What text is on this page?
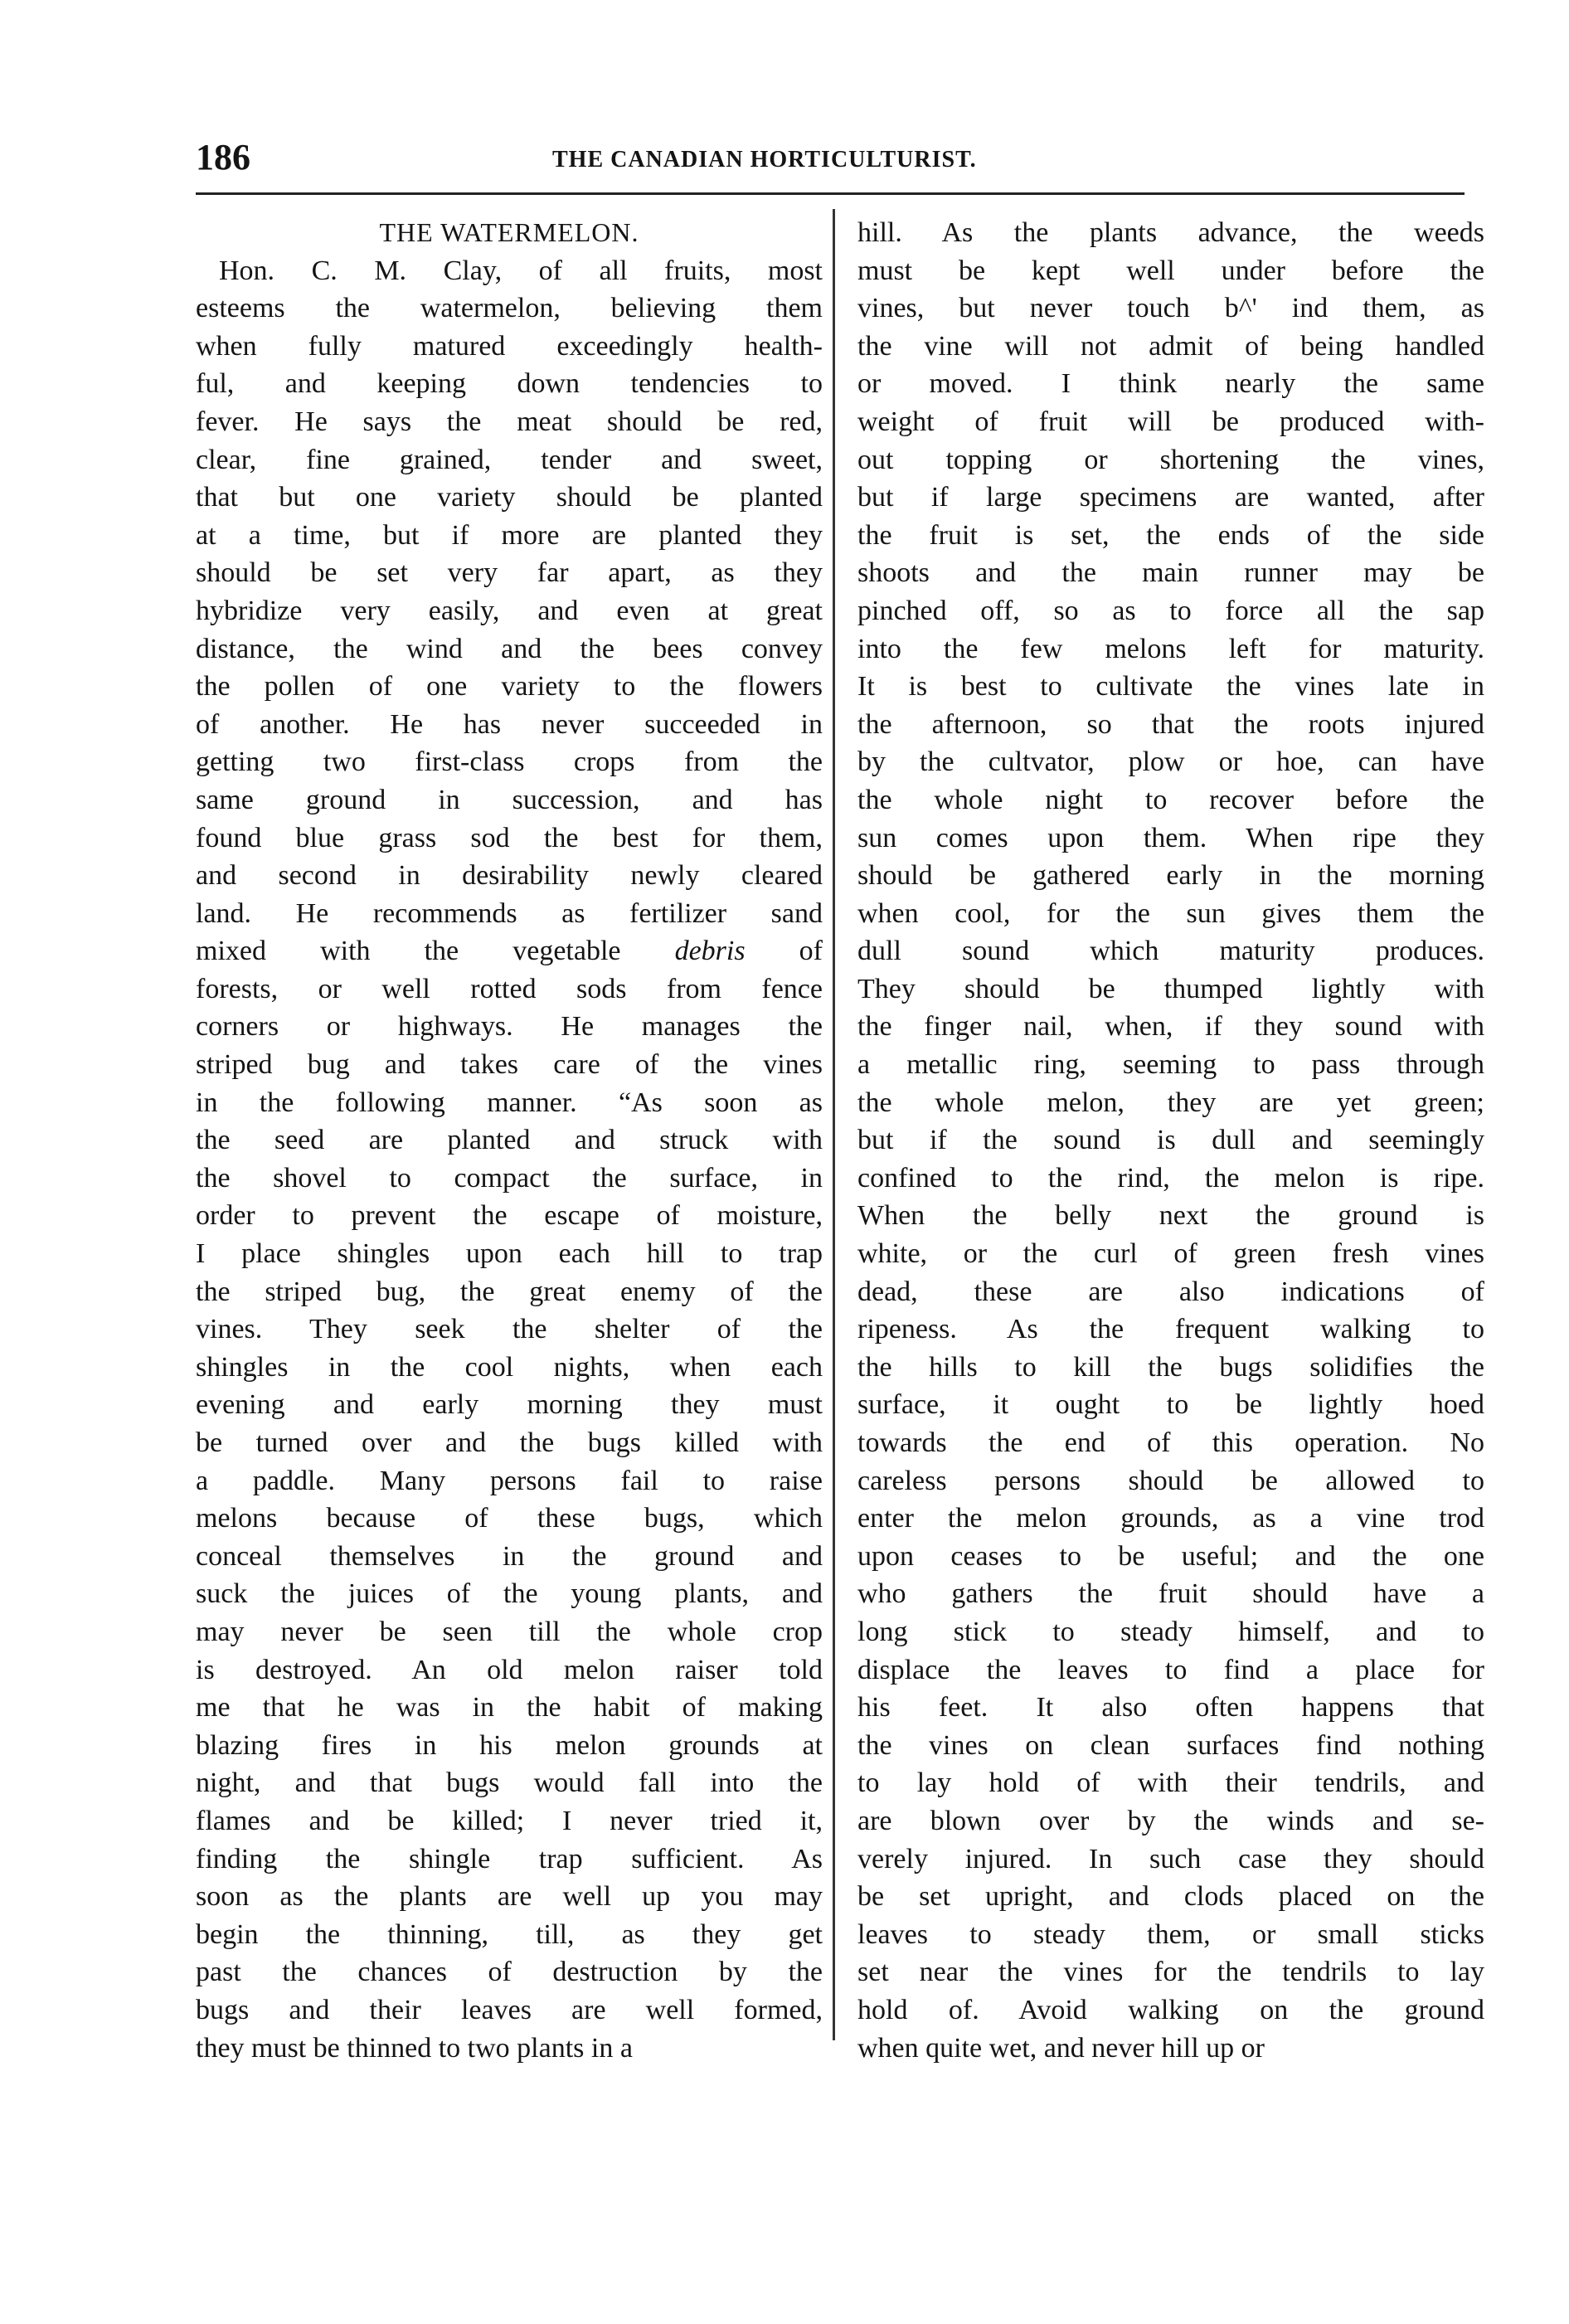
186	THE CANADIAN HORTICULTURIST.
THE WATERMELON.
Hon. C. M. Clay, of all fruits, most
esteems the watermelon, believing them
when fully matured exceedingly health-
ful, and keeping down tendencies to
fever. He says the meat should be red,
clear, fine grained, tender and sweet,
that but one variety should be planted
at a time, but if more are planted they
should be set very far apart, as they
hybridize very easily, and even at great
distance, the wind and the bees convey
the pollen of one variety to the flowers
of another. He has never succeeded in
getting two first-class crops from the
same ground in succession, and has
found blue grass sod the best for them,
and second in desirability newly cleared
land. He recommends as fertilizer sand
mixed with the vegetable debris of
forests, or well rotted sods from fence
corners or highways. He manages the
striped bug and takes care of the vines
in the following manner. “As soon as
the seed are planted and struck with
the shovel to compact the surface, in
order to prevent the escape of moisture,
I place shingles upon each hill to trap
the striped bug, the great enemy of the
vines. They seek the shelter of the
shingles in the cool nights, when each
evening and early morning they must
be turned over and the bugs killed with
a paddle. Many persons fail to raise
melons because of these bugs, which
conceal themselves in the ground and
suck the juices of the young plants, and
may never be seen till the whole crop
is destroyed. An old melon raiser told
me that he was in the habit of making
blazing fires in his melon grounds at
night, and that bugs would fall into the
flames and be killed; I never tried it,
finding the shingle trap sufficient. As
soon as the plants are well up you may
begin the thinning, till, as they get
past the chances of destruction by the
bugs and their leaves are well formed,
they must be thinned to two plants in a
hill. As the plants advance, the weeds
must be kept well under before the
vines, but never touch b^' ind them, as
the vine will not admit of being handled
or moved. I think nearly the same
weight of fruit will be produced with-
out topping or shortening the vines,
but if large specimens are wanted, after
the fruit is set, the ends of the side
shoots and the main runner may be
pinched off, so as to force all the sap
into the few melons left for maturity.
It is best to cultivate the vines late in
the afternoon, so that the roots injured
by the cultvator, plow or hoe, can have
the whole night to recover before the
sun comes upon them. When ripe they
should be gathered early in the morning
when cool, for the sun gives them the
dull sound which maturity produces.
They should be thumped lightly with
the finger nail, when, if they sound with
a metallic ring, seeming to pass through
the whole melon, they are yet green;
but if the sound is dull and seemingly
confined to the rind, the melon is ripe.
When the belly next the ground is
white, or the curl of green fresh vines
dead, these are also indications of
ripeness. As the frequent walking to
the hills to kill the bugs solidifies the
surface, it ought to be lightly hoed
towards the end of this operation. No
careless persons should be allowed to
enter the melon grounds, as a vine trod
upon ceases to be useful; and the one
who gathers the fruit should have a
long stick to steady himself, and to
displace the leaves to find a place for
his feet. It also often happens that
the vines on clean surfaces find nothing
to lay hold of with their tendrils, and
are blown over by the winds and se-
verely injured. In such case they should
be set upright, and clods placed on the
leaves to steady them, or small sticks
set near the vines for the tendrils to lay
hold of. Avoid walking on the ground
when quite wet, and never hill up or
